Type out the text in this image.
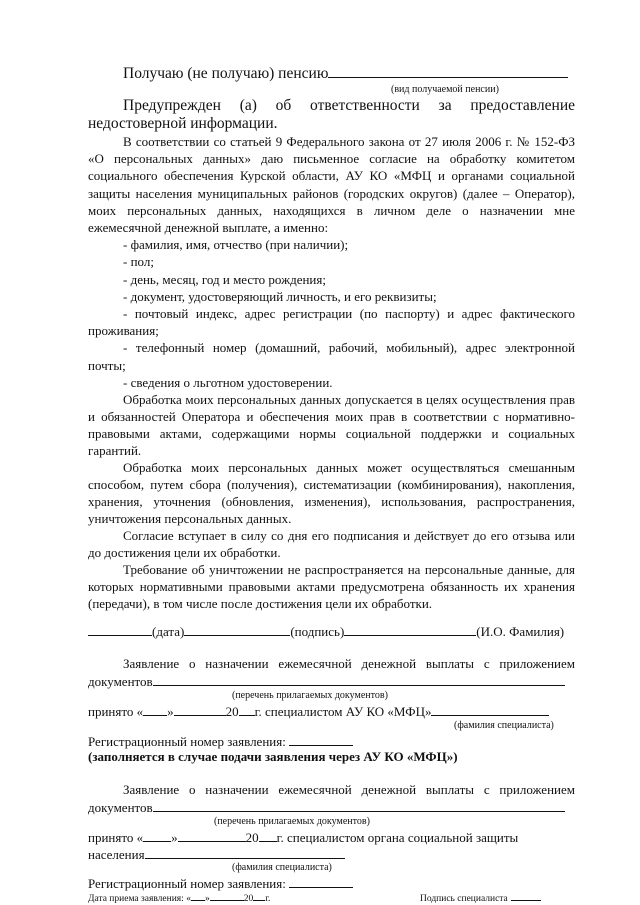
Получаю (не получаю) пенсию
(вид получаемой пенсии)
Предупрежден (а) об ответственности за предоставление
недостоверной информации.
В соответствии со статьей 9 Федерального закона от 27 июля 2006 г. № 152-ФЗ
«О персональных данных» даю письменное согласие на обработку комитетом
социального обеспечения Курской области, АУ КО «МФЦ и органами социальной
защиты населения муниципальных районов (городских округов) (далее – Оператор),
моих персональных данных, находящихся в личном деле о назначении мне
ежемесячной денежной выплате, а именно:
- фамилия, имя, отчество (при наличии);
- пол;
- день, месяц, год и место рождения;
- документ, удостоверяющий личность, и его реквизиты;
- почтовый индекс, адрес регистрации (по паспорту) и адрес фактического
проживания;
- телефонный номер (домашний, рабочий, мобильный), адрес электронной
почты;
- сведения о льготном удостоверении.
Обработка моих персональных данных допускается в целях осуществления прав
и обязанностей Оператора и обеспечения моих прав в соответствии с нормативно-
правовыми актами, содержащими нормы социальной поддержки и социальных
гарантий.
Обработка моих персональных данных может осуществляться смешанным
способом, путем сбора (получения), систематизации (комбинирования), накопления,
хранения, уточнения (обновления, изменения), использования, распространения,
уничтожения персональных данных.
Согласие вступает в силу со дня его подписания и действует до его отзыва или
до достижения цели их обработки.
Требование об уничтожении не распространяется на персональные данные, для
которых нормативными правовыми актами предусмотрена обязанность их хранения
(передачи), в том числе после достижения цели их обработки.
(дата)	(подпись)	(И.О. Фамилия)
Заявление о назначении ежемесячной денежной выплаты с приложением
документов
(перечень прилагаемых документов)
принято « »	20 г. специалистом АУ КО «МФЦ»
(фамилия специалиста)
Регистрационный номер заявления:
(заполняется в случае подачи заявления через АУ КО «МФЦ»)
Заявление о назначении ежемесячной денежной выплаты с приложением
документов
(перечень прилагаемых документов)
принято « »	20 г. специалистом органа социальной защиты
населения
(фамилия специалиста)
Регистрационный номер заявления:
Дата приема заявления: « »	20 г.	Подпись специалиста
